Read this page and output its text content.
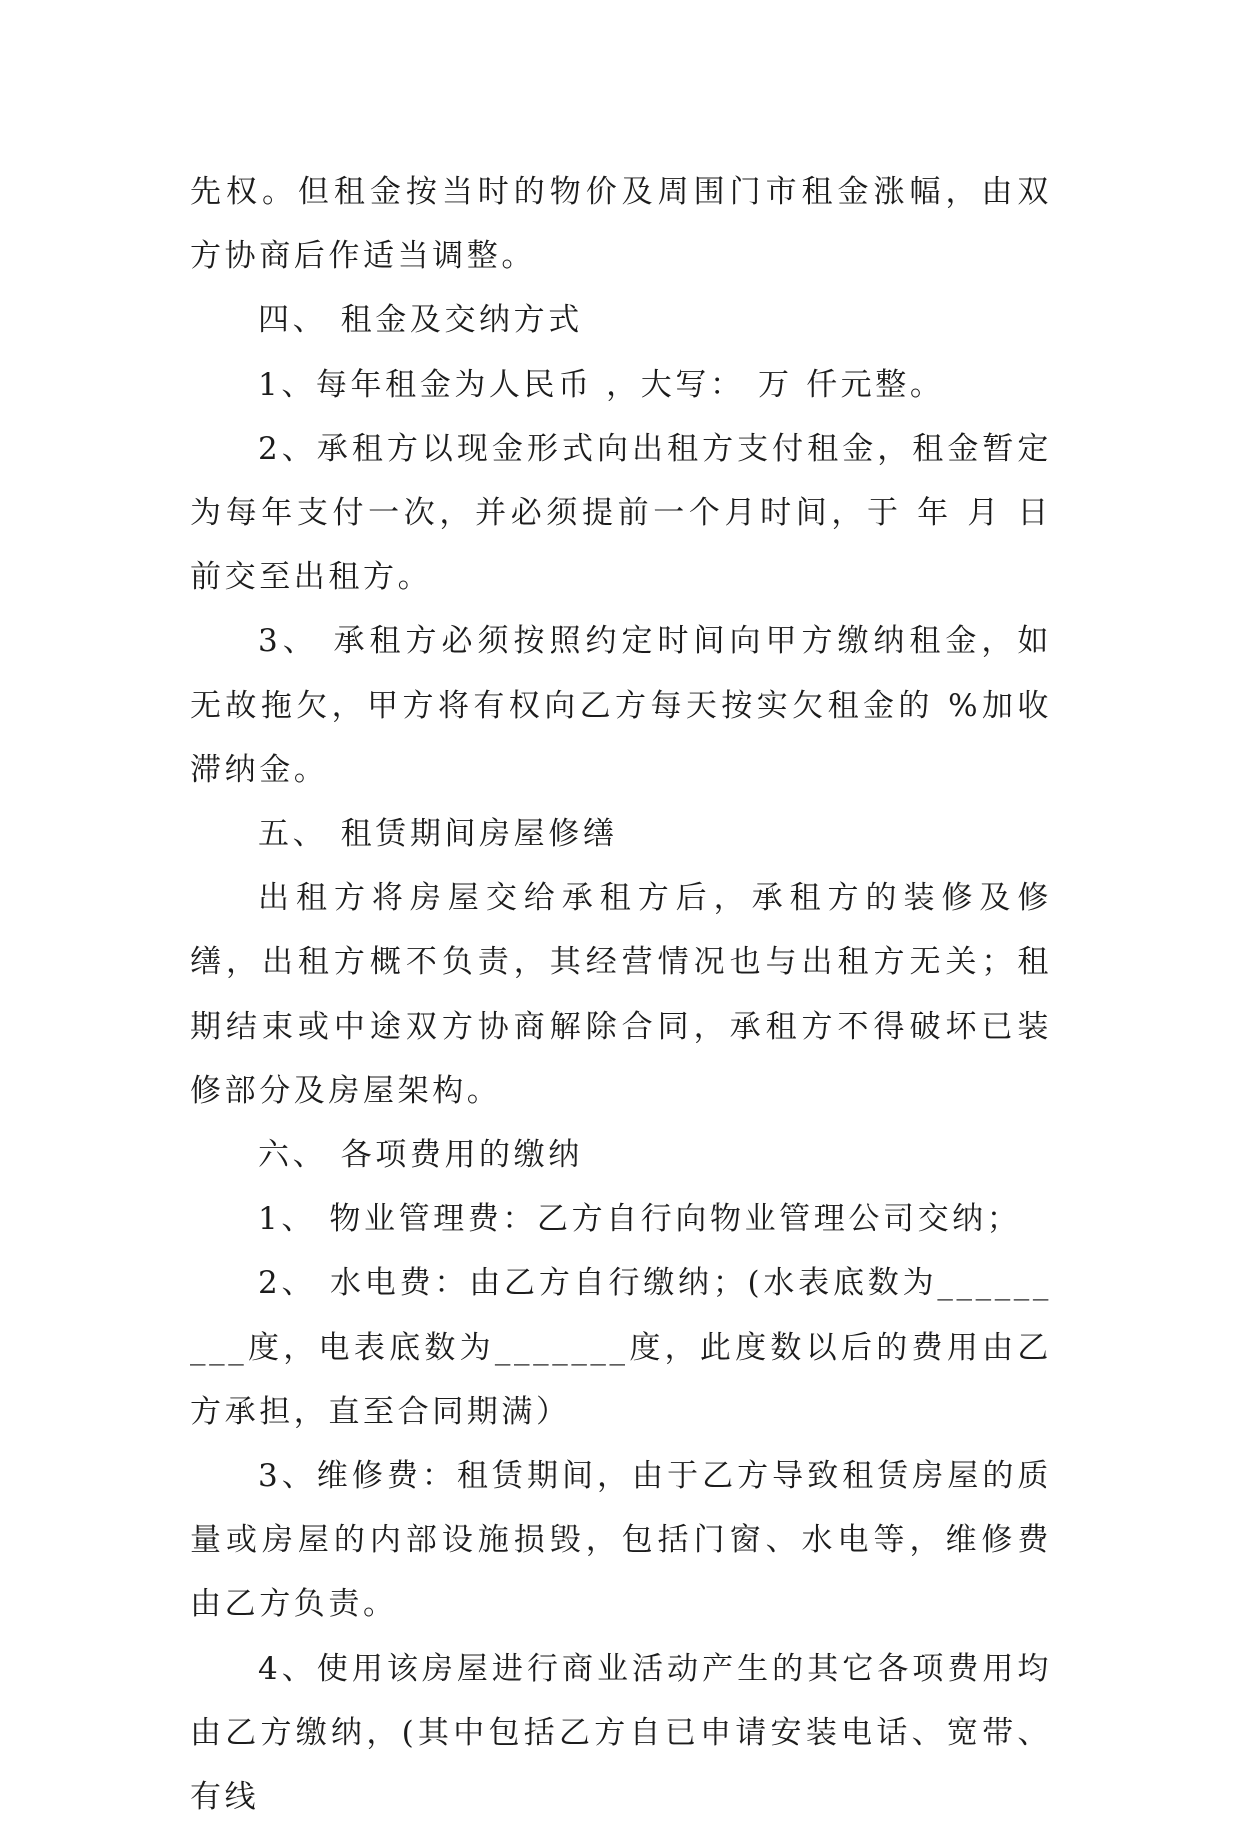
先权。但租金按当时的物价及周围门市租金涨幅，由双方协商后作适当调整。

四、 租金及交纳方式

1、每年租金为人民币 ，大写： 万 仟元整。

2、承租方以现金形式向出租方支付租金，租金暂定为每年支付一次，并必须提前一个月时间，于 年 月 日前交至出租方。

3、 承租方必须按照约定时间向甲方缴纳租金，如无故拖欠，甲方将有权向乙方每天按实欠租金的 %加收滞纳金。

五、 租赁期间房屋修缮

出租方将房屋交给承租方后，承租方的装修及修缮，出租方概不负责，其经营情况也与出租方无关；租期结束或中途双方协商解除合同，承租方不得破坏已装修部分及房屋架构。

六、 各项费用的缴纳

1、 物业管理费：乙方自行向物业管理公司交纳；

2、 水电费：由乙方自行缴纳；(水表底数为_________度，电表底数为_______度，此度数以后的费用由乙方承担，直至合同期满）

3、维修费：租赁期间，由于乙方导致租赁房屋的质量或房屋的内部设施损毁，包括门窗、水电等，维修费由乙方负责。

4、使用该房屋进行商业活动产生的其它各项费用均由乙方缴纳，(其中包括乙方自已申请安装电话、宽带、有线
